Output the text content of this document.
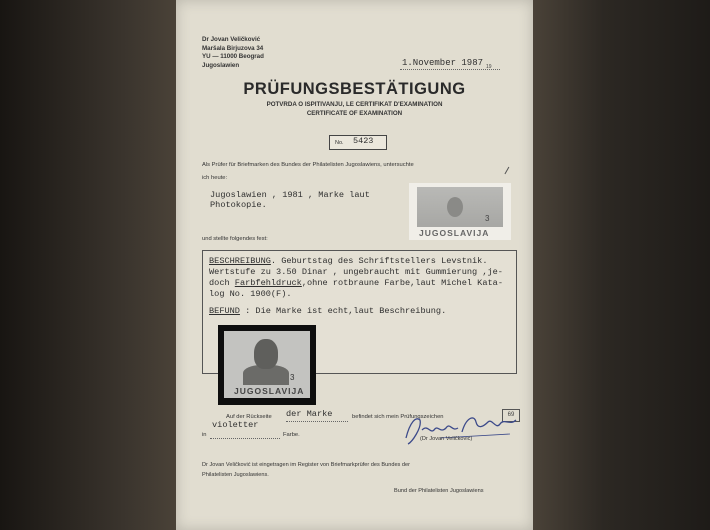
Dr Jovan Veličković
Maršala Birjuzova 34
YU — 11000 Beograd
Jugoslawien	1.November 1987 19
PRÜFUNGSBESTÄTIGUNG
POTVRDA O ISPITIVANJU, LE CERTIFIKAT D'EXAMINATION
CERTIFICATE OF EXAMINATION
No. 5423
Als Prüfer für Briefmarken des Bundes der Philatelisten Jugoslawiens, untersuchte
ich heute:
Jugoslawien , 1981 , Marke laut
Photokopie.
3
JUGOSLAVIJA
und stellte folgendes fest:
BESCHREIBUNG. Geburtstag des Schriftstellers Levstnik.
Wertstufe zu 3.50 Dinar , ungebraucht mit Gummierung ,je-
doch Farbfehldruck,ohne rotbraune Farbe,laut Michel Kata-
log No. 1900(F).
BEFUND : Die Marke ist echt,laut Beschreibung.
3
JUGOSLAVIJA
Auf der Rückseite der Marke	befindet sich mein Prüfungszeichen	69
in
violetter
Farbe.
(Dr Jovan Veličković)
Dr Jovan Veličković ist eingetragen im Register von Briefmarkprüfer des Bundes der
Philatelisten Jugoslawiens.
Bund der Philatelisten Jugoslawiens
